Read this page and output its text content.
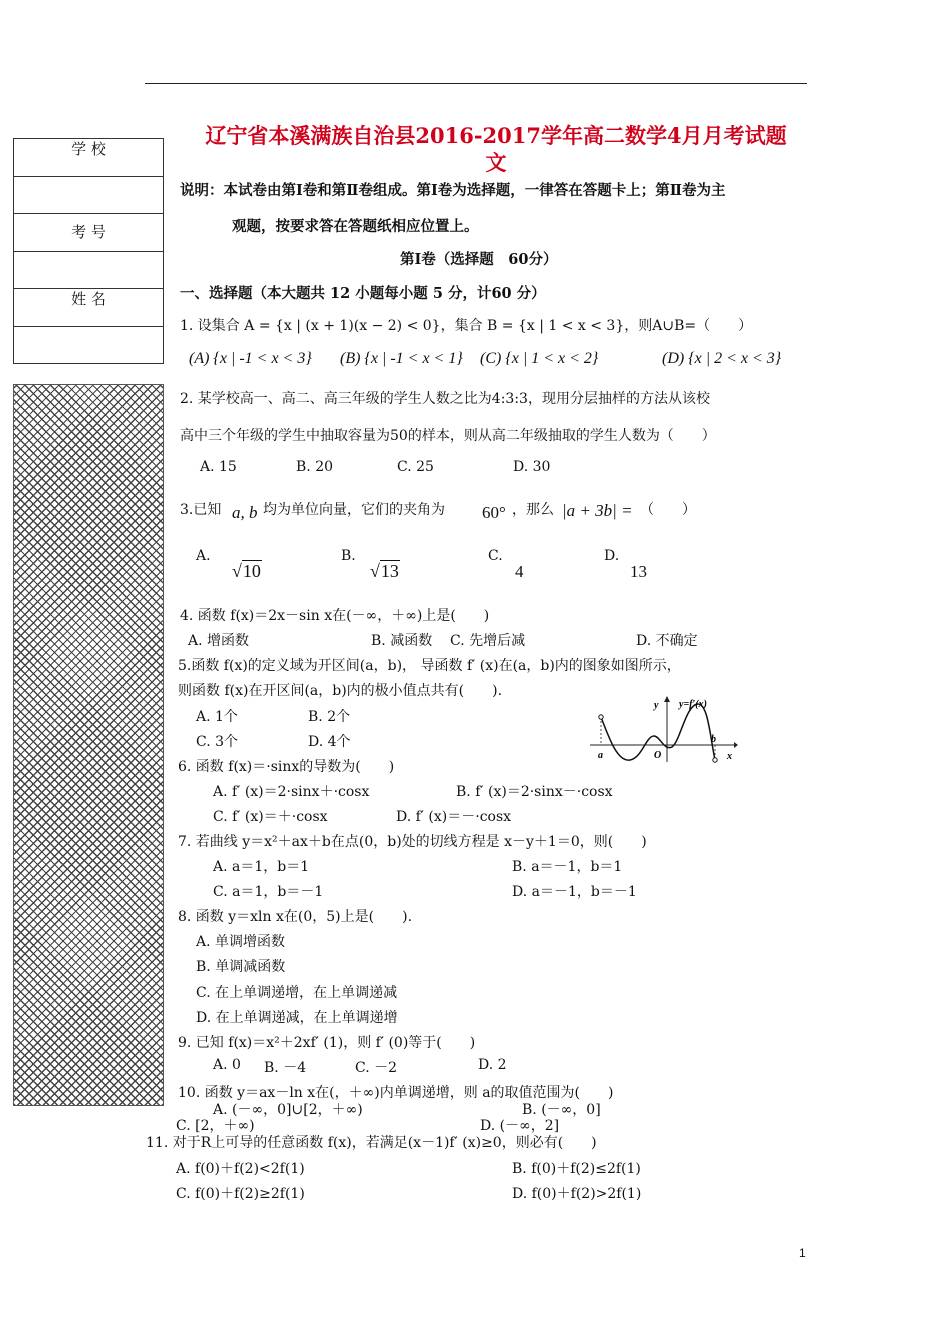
学 校
考 号
姓 名
辽宁省本溪满族自治县2016-2017学年高二数学4月月考试题
文
说明：本试卷由第Ⅰ卷和第Ⅱ卷组成。第Ⅰ卷为选择题，一律答在答题卡上；第Ⅱ卷为主
观题，按要求答在答题纸相应位置上。
第Ⅰ卷（选择题　60分）
一、选择题（本大题共 12 小题每小题 5 分，计60 分）
1. 设集合 A = {x | (x + 1)(x − 2) < 0}，集合 B = {x | 1 < x < 3}，则A∪B=（　　）
(A) {x | -1 < x < 3} (B) {x | -1 < x < 1} (C) {x | 1 < x < 2}	(D) {x | 2 < x < 3}
2. 某学校高一、高二、高三年级的学生人数之比为4:3:3，现用分层抽样的方法从该校
高中三个年级的学生中抽取容量为50的样本，则从高二年级抽取的学生人数为（　　）
A. 15	B. 20	C. 25	D. 30
3.已知 a, b 均为单位向量，它们的夹角为 60° ，那么 |a + 3b| = （　　）
A.
√10
B.
√13
C.
4
D.
13
4. 函数 f(x)＝2x－sin x在(－∞，＋∞)上是(　　)
A. 增函数	B. 减函数 C. 先增后减	D. 不确定
5.函数 f(x)的定义域为开区间(a，b)， 导函数 f′ (x)在(a，b)内的图象如图所示，
则函数 f(x)在开区间(a，b)内的极小值点共有(　　).
A. 1个	B. 2个
C. 3个	D. 4个
y y=f′(x)
x
a	O
b
6. 函数 f(x)＝·sinx的导数为(　　)
A. f′ (x)＝2·sinx＋·cosx	B. f′ (x)＝2·sinx－·cosx
C. f′ (x)＝＋·cosx	D. f′ (x)＝－·cosx
7. 若曲线 y＝x²＋ax＋b在点(0，b)处的切线方程是 x－y＋1＝0，则(　　)
A. a＝1，b＝1	B. a＝－1，b＝1
C. a＝1，b＝－1	D. a＝－1，b＝－1
8. 函数 y＝xln x在(0，5)上是(　　).
A. 单调增函数
B. 单调减函数
C. 在上单调递增，在上单调递减
D. 在上单调递减，在上单调递增
9. 已知 f(x)＝x²＋2xf′ (1)，则 f′ (0)等于(　　)
A. 0 B. －4	C. －2	D. 2
10. 函数 y＝ax－ln x在(，＋∞)内单调递增，则 a的取值范围为(　　)
A. (－∞，0]∪[2，＋∞)	B. (－∞，0]
C. [2，＋∞)	D. (－∞，2]
11. 对于R上可导的任意函数 f(x)，若满足(x－1)f′ (x)≥0，则必有(　　)
A. f(0)＋f(2)<2f(1)	B. f(0)＋f(2)≤2f(1)
C. f(0)＋f(2)≥2f(1)	D. f(0)＋f(2)>2f(1)
1
